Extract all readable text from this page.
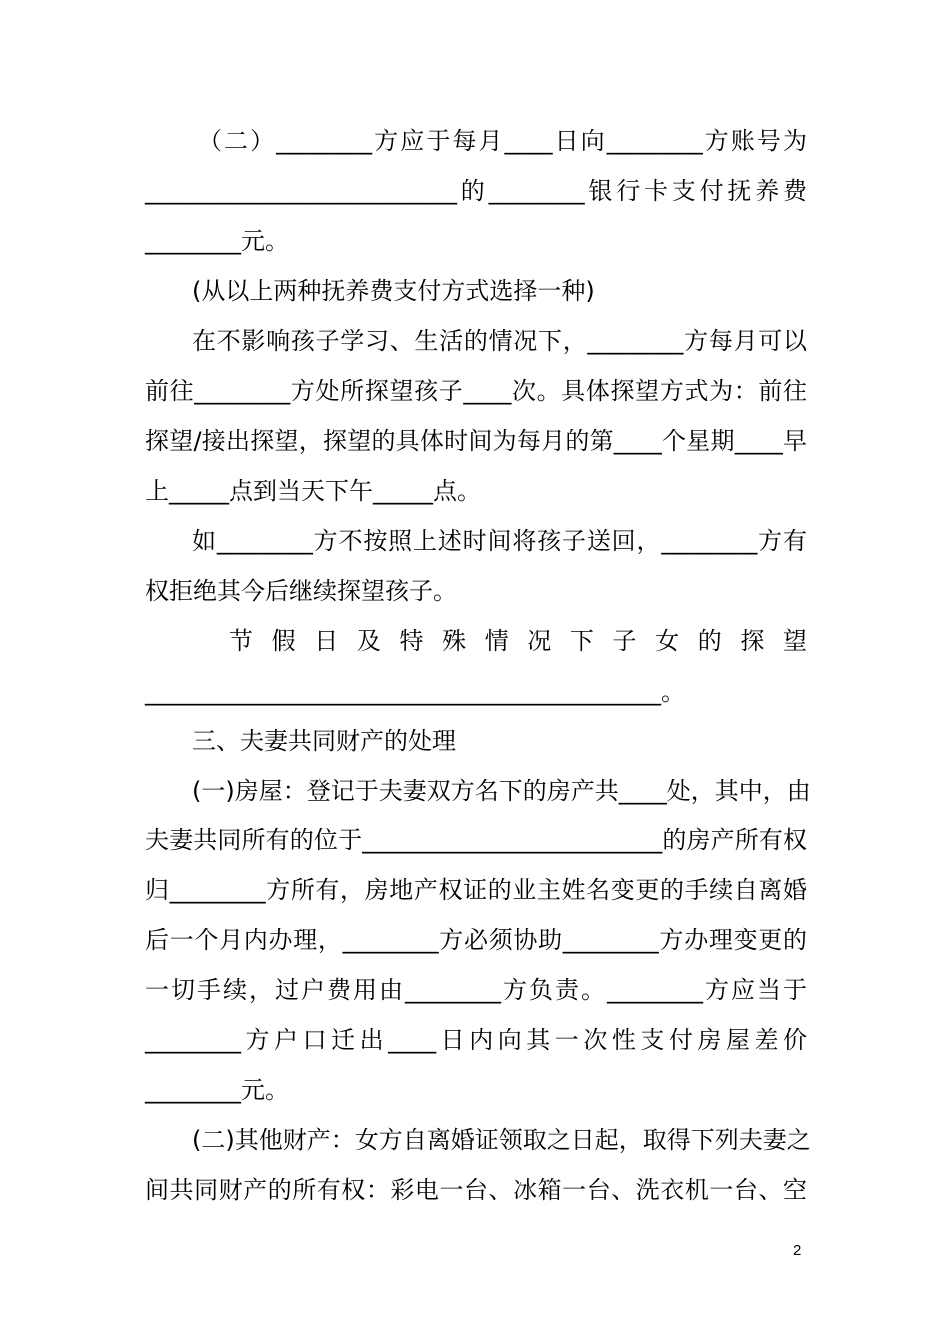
（二）________方应于每月____日向________方账号为
__________________________的________银行卡支付抚养费
________元。
(从以上两种抚养费支付方式选择一种)
在不影响孩子学习、生活的情况下，________方每月可以
前往________方处所探望孩子____次。具体探望方式为：前往
探望/接出探望，探望的具体时间为每月的第____个星期____早
上_____点到当天下午_____点。
如________方不按照上述时间将孩子送回，________方有
权拒绝其今后继续探望孩子。
节假日及特殊情况下子女的探望
___________________________________________。
三、夫妻共同财产的处理
(一)房屋：登记于夫妻双方名下的房产共____处，其中，由
夫妻共同所有的位于_________________________的房产所有权
归________方所有，房地产权证的业主姓名变更的手续自离婚
后一个月内办理，________方必须协助________方办理变更的
一切手续，过户费用由________方负责。________方应当于
________方户口迁出____日内向其一次性支付房屋差价
________元。
(二)其他财产：女方自离婚证领取之日起，取得下列夫妻之
间共同财产的所有权：彩电一台、冰箱一台、洗衣机一台、空
2
